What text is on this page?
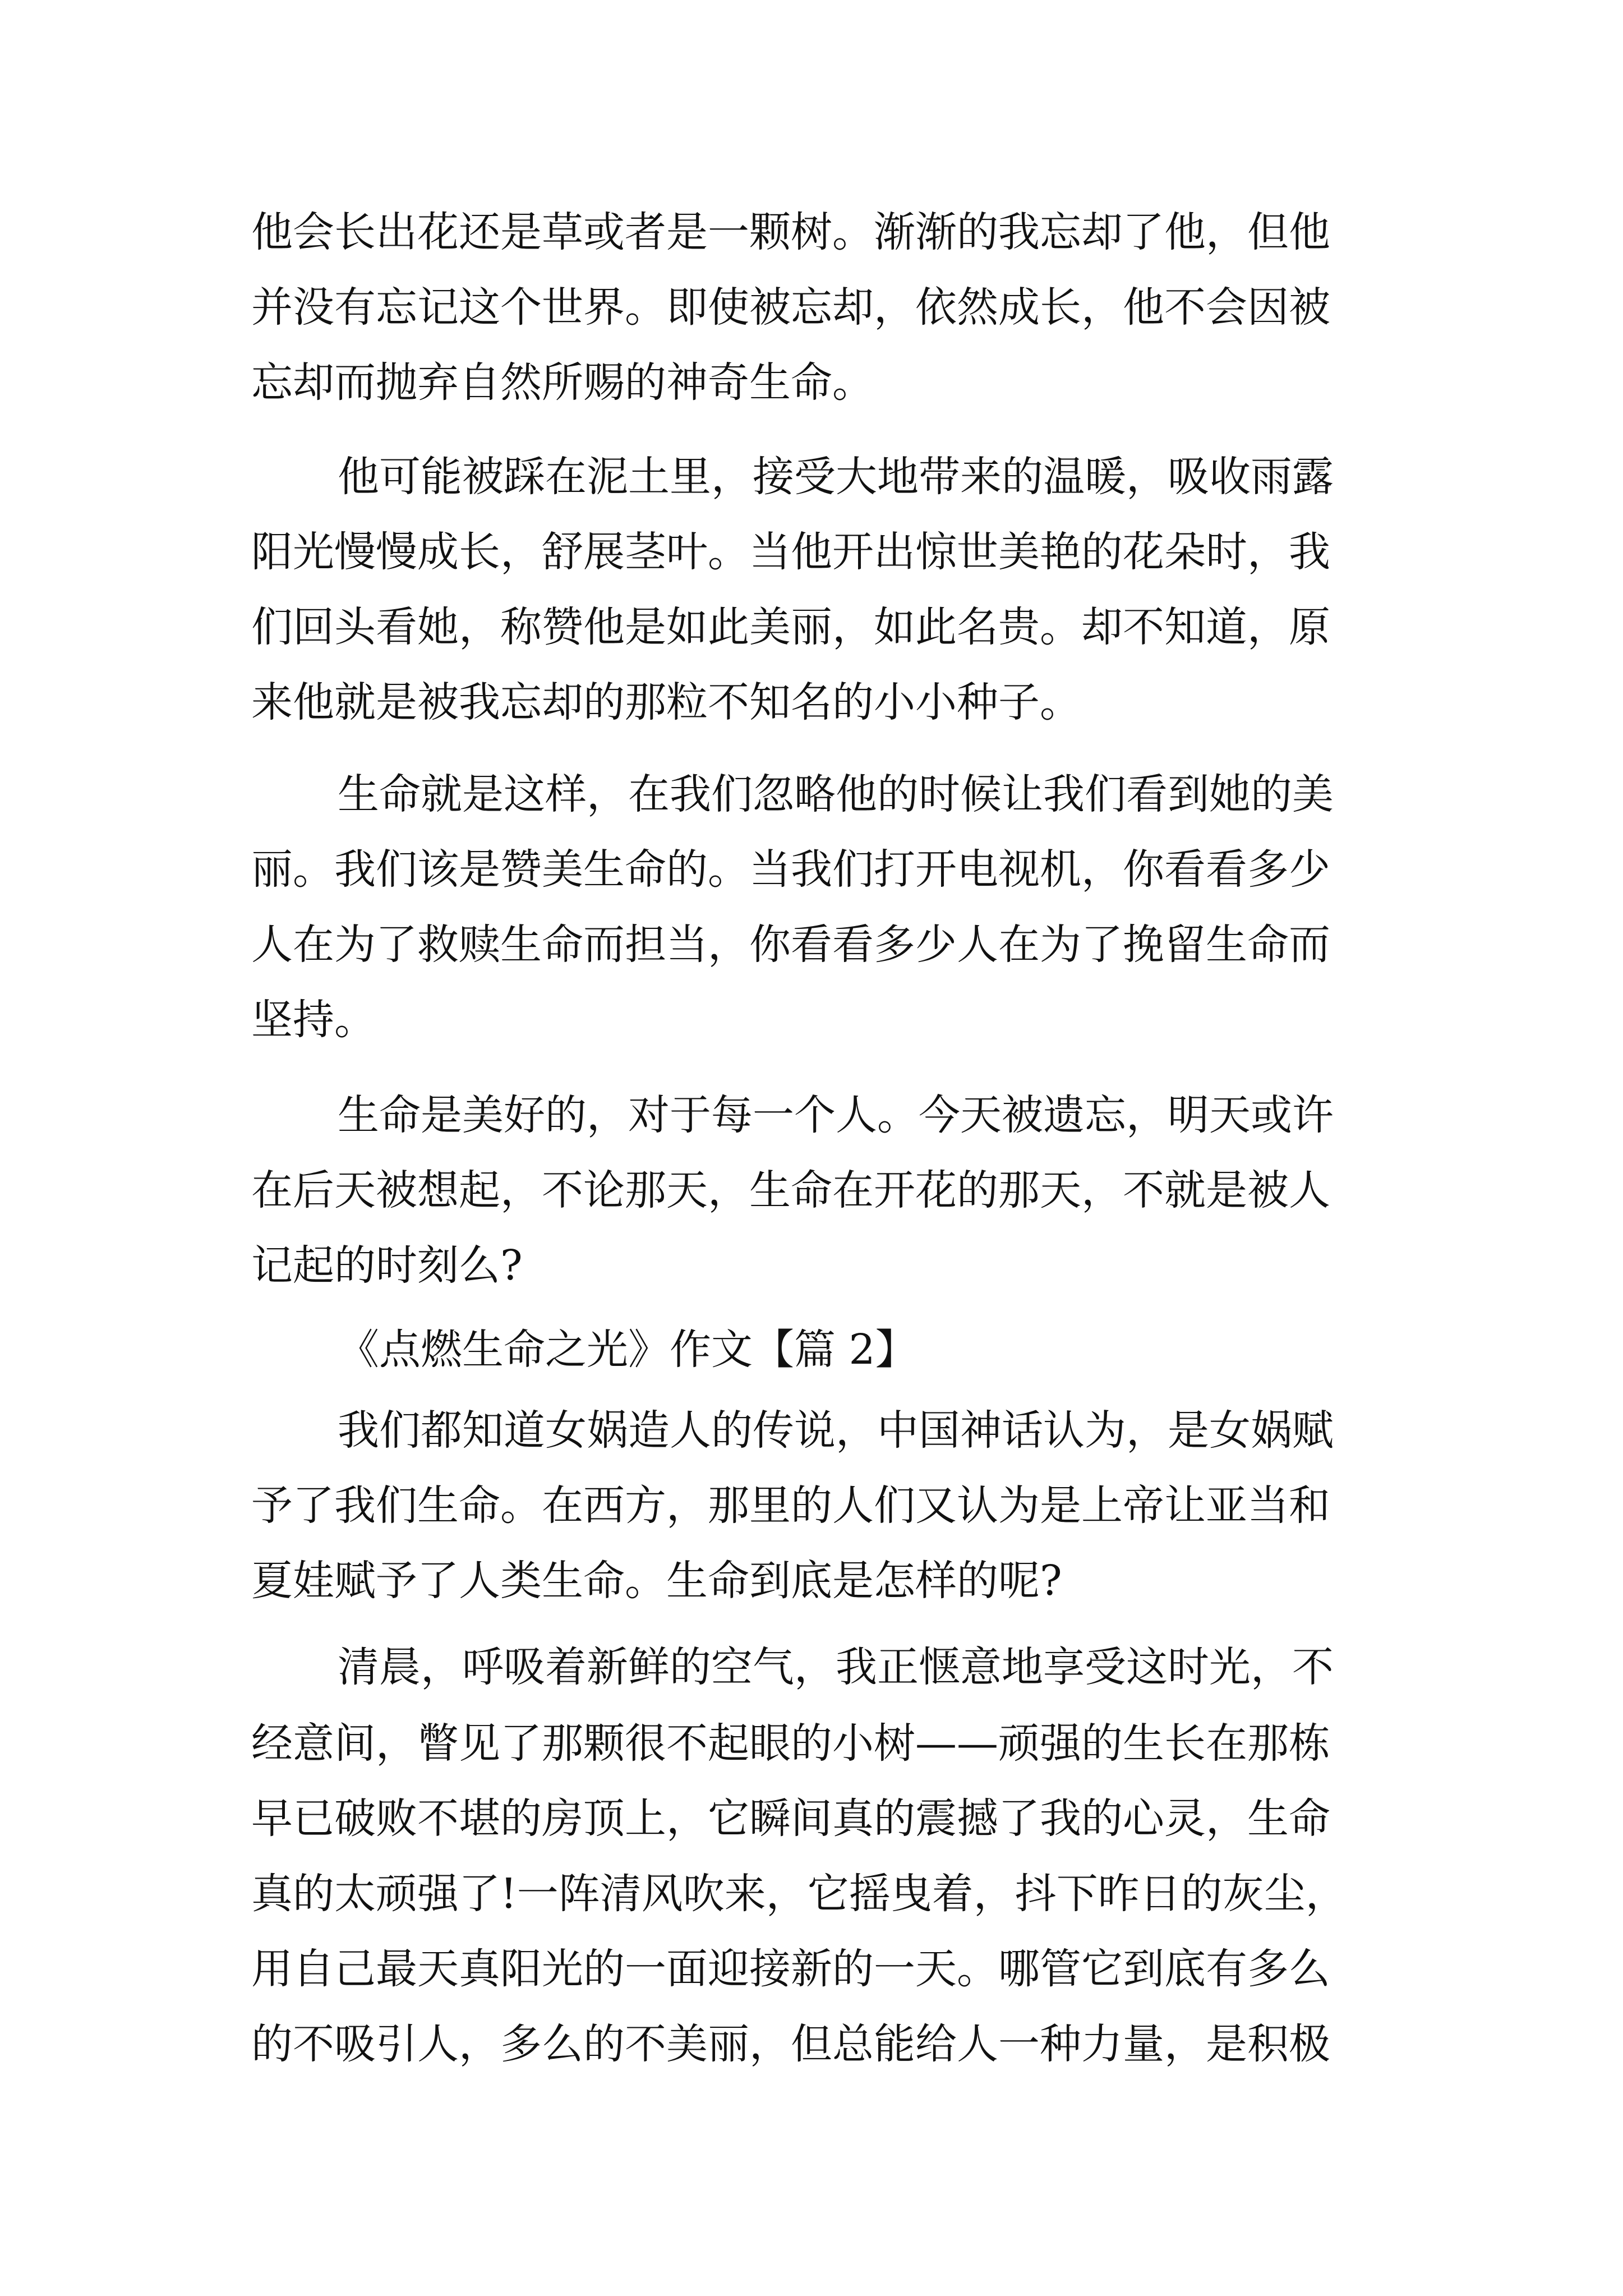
他会长出花还是草或者是一颗树。渐渐的我忘却了他，但他

并没有忘记这个世界。即使被忘却，依然成长，他不会因被

忘却而抛弃自然所赐的神奇生命。

他可能被踩在泥土里，接受大地带来的温暖，吸收雨露

阳光慢慢成长，舒展茎叶。当他开出惊世美艳的花朵时，我

们回头看她，称赞他是如此美丽，如此名贵。却不知道，原

来他就是被我忘却的那粒不知名的小小种子。

生命就是这样，在我们忽略他的时候让我们看到她的美

丽。我们该是赞美生命的。当我们打开电视机，你看看多少

人在为了救赎生命而担当，你看看多少人在为了挽留生命而

坚持。

生命是美好的，对于每一个人。今天被遗忘，明天或许

在后天被想起，不论那天，生命在开花的那天，不就是被人

记起的时刻么?

《点燃生命之光》作文【篇 2】

我们都知道女娲造人的传说，中国神话认为，是女娲赋

予了我们生命。在西方，那里的人们又认为是上帝让亚当和

夏娃赋予了人类生命。生命到底是怎样的呢?

清晨，呼吸着新鲜的空气，我正惬意地享受这时光，不

经意间，瞥见了那颗很不起眼的小树——顽强的生长在那栋

早已破败不堪的房顶上，它瞬间真的震撼了我的心灵，生命

真的太顽强了!一阵清风吹来，它摇曳着，抖下昨日的灰尘，

用自己最天真阳光的一面迎接新的一天。哪管它到底有多么

的不吸引人，多么的不美丽，但总能给人一种力量，是积极
